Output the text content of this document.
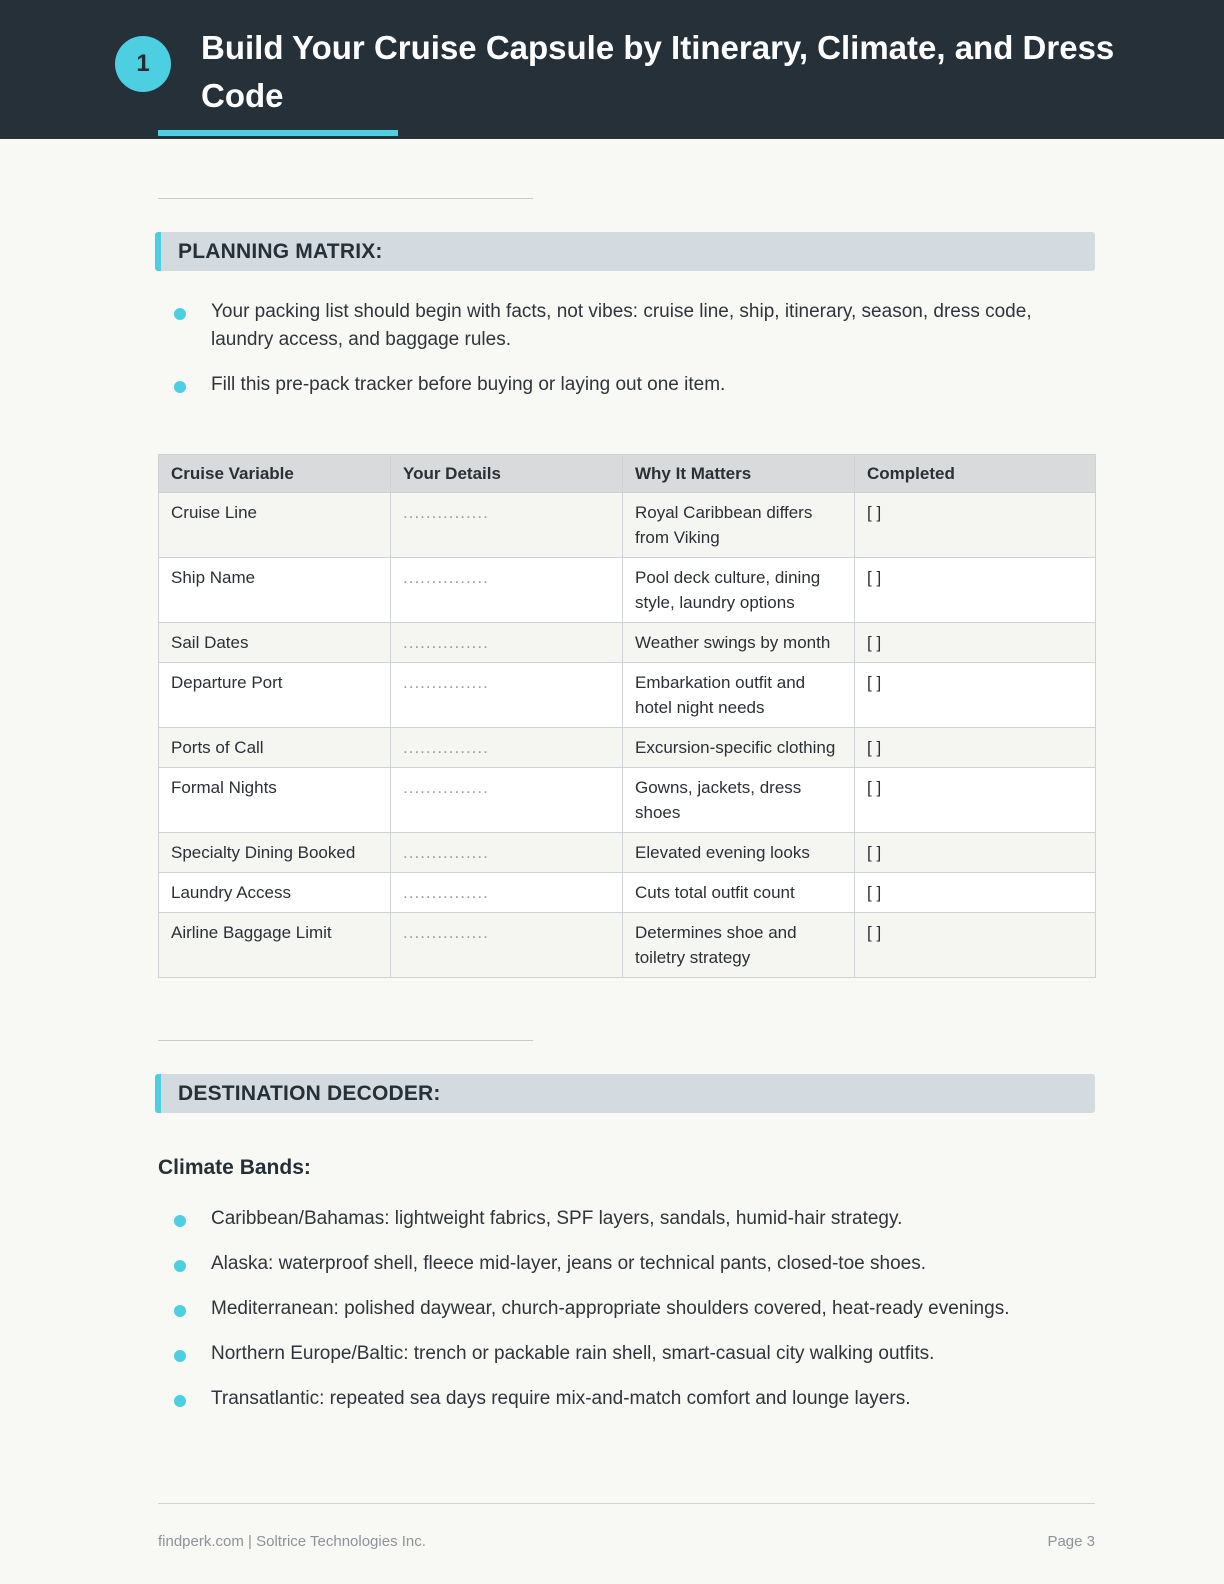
1	Build Your Cruise Capsule by Itinerary, Climate, and Dress Code
PLANNING MATRIX:
Your packing list should begin with facts, not vibes: cruise line, ship, itinerary, season, dress code, laundry access, and baggage rules.
Fill this pre-pack tracker before buying or laying out one item.
Cruise Variable	Your Details	Why It Matters	Completed
Cruise Line	...............	Royal Caribbean differs from Viking	[ ]
Ship Name	...............	Pool deck culture, dining style, laundry options	[ ]
Sail Dates	...............	Weather swings by month	[ ]
Departure Port	...............	Embarkation outfit and hotel night needs	[ ]
Ports of Call	...............	Excursion-specific clothing	[ ]
Formal Nights	...............	Gowns, jackets, dress shoes	[ ]
Specialty Dining Booked	...............	Elevated evening looks	[ ]
Laundry Access	...............	Cuts total outfit count	[ ]
Airline Baggage Limit	...............	Determines shoe and toiletry strategy	[ ]
DESTINATION DECODER:
Climate Bands:
Caribbean/Bahamas: lightweight fabrics, SPF layers, sandals, humid-hair strategy.
Alaska: waterproof shell, fleece mid-layer, jeans or technical pants, closed-toe shoes.
Mediterranean: polished daywear, church-appropriate shoulders covered, heat-ready evenings.
Northern Europe/Baltic: trench or packable rain shell, smart-casual city walking outfits.
Transatlantic: repeated sea days require mix-and-match comfort and lounge layers.
findperk.com | Soltrice Technologies Inc.	Page 3
